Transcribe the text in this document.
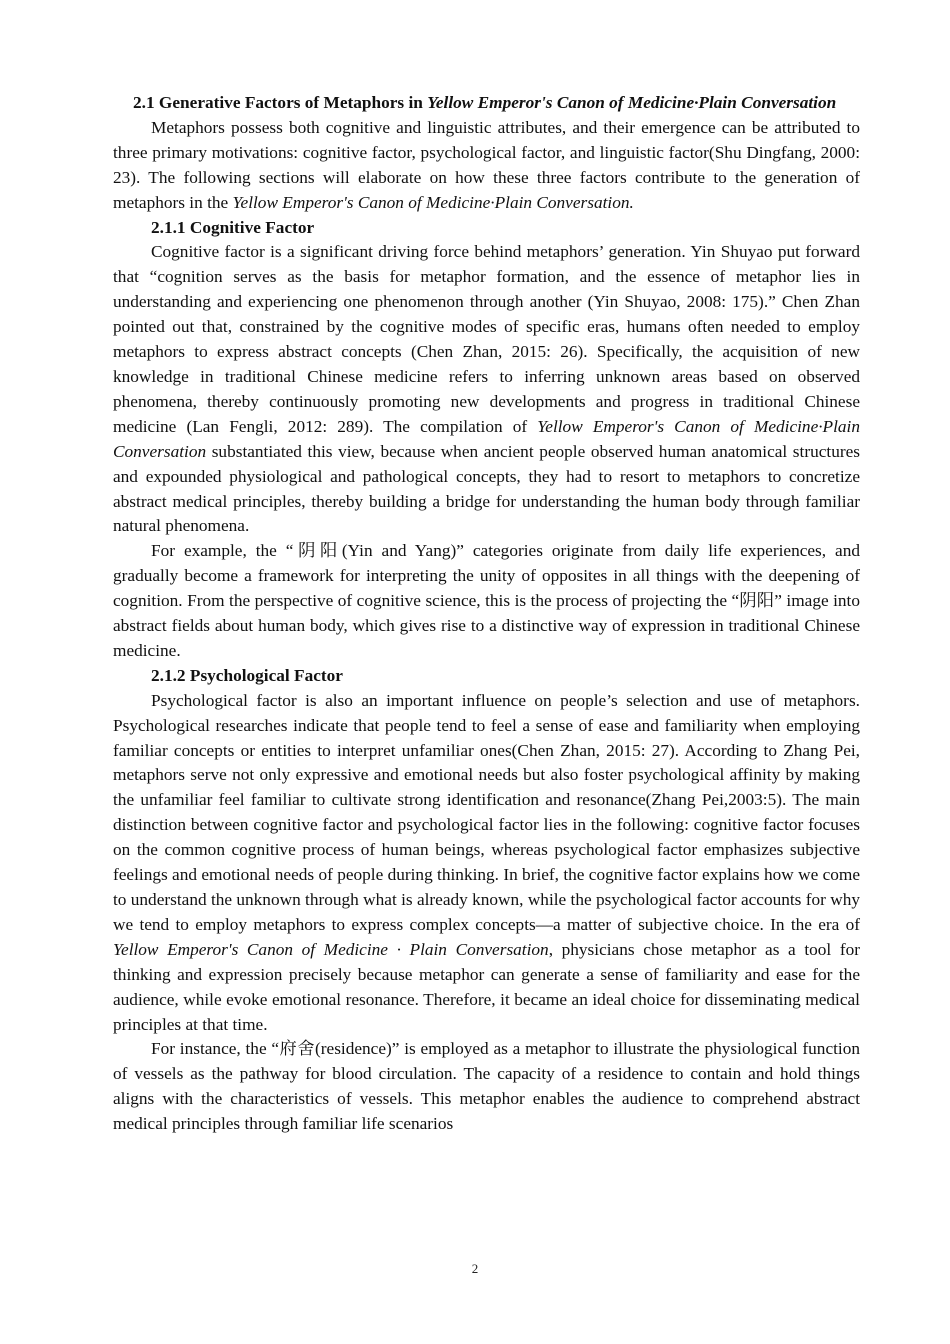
2.1 Generative Factors of Metaphors in Yellow Emperor's Canon of Medicine·Plain Conversation

Metaphors possess both cognitive and linguistic attributes, and their emergence can be attributed to three primary motivations: cognitive factor, psychological factor, and linguistic factor(Shu Dingfang, 2000: 23). The following sections will elaborate on how these three factors contribute to the generation of metaphors in the Yellow Emperor's Canon of Medicine·Plain Conversation.

2.1.1 Cognitive Factor

Cognitive factor is a significant driving force behind metaphors’ generation. Yin Shuyao put forward that “cognition serves as the basis for metaphor formation, and the essence of metaphor lies in understanding and experiencing one phenomenon through another (Yin Shuyao, 2008: 175).” Chen Zhan pointed out that, constrained by the cognitive modes of specific eras, humans often needed to employ metaphors to express abstract concepts (Chen Zhan, 2015: 26). Specifically, the acquisition of new knowledge in traditional Chinese medicine refers to inferring unknown areas based on observed phenomena, thereby continuously promoting new developments and progress in traditional Chinese medicine (Lan Fengli, 2012: 289). The compilation of Yellow Emperor's Canon of Medicine·Plain Conversation substantiated this view, because when ancient people observed human anatomical structures and expounded physiological and pathological concepts, they had to resort to metaphors to concretize abstract medical principles, thereby building a bridge for understanding the human body through familiar natural phenomena.

For example, the “阴阳(Yin and Yang)” categories originate from daily life experiences, and gradually become a framework for interpreting the unity of opposites in all things with the deepening of cognition. From the perspective of cognitive science, this is the process of projecting the “阴阳” image into abstract fields about human body, which gives rise to a distinctive way of expression in traditional Chinese medicine.

2.1.2 Psychological Factor

Psychological factor is also an important influence on people’s selection and use of metaphors. Psychological researches indicate that people tend to feel a sense of ease and familiarity when employing familiar concepts or entities to interpret unfamiliar ones(Chen Zhan, 2015: 27). According to Zhang Pei, metaphors serve not only expressive and emotional needs but also foster psychological affinity by making the unfamiliar feel familiar to cultivate strong identification and resonance(Zhang Pei,2003:5). The main distinction between cognitive factor and psychological factor lies in the following: cognitive factor focuses on the common cognitive process of human beings, whereas psychological factor emphasizes subjective feelings and emotional needs of people during thinking. In brief, the cognitive factor explains how we come to understand the unknown through what is already known, while the psychological factor accounts for why we tend to employ metaphors to express complex concepts—a matter of subjective choice. In the era of Yellow Emperor's Canon of Medicine · Plain Conversation, physicians chose metaphor as a tool for thinking and expression precisely because metaphor can generate a sense of familiarity and ease for the audience, while evoke emotional resonance. Therefore, it became an ideal choice for disseminating medical principles at that time.

For instance, the “府舍(residence)” is employed as a metaphor to illustrate the physiological function of vessels as the pathway for blood circulation. The capacity of a residence to contain and hold things aligns with the characteristics of vessels. This metaphor enables the audience to comprehend abstract medical principles through familiar life scenarios

2
